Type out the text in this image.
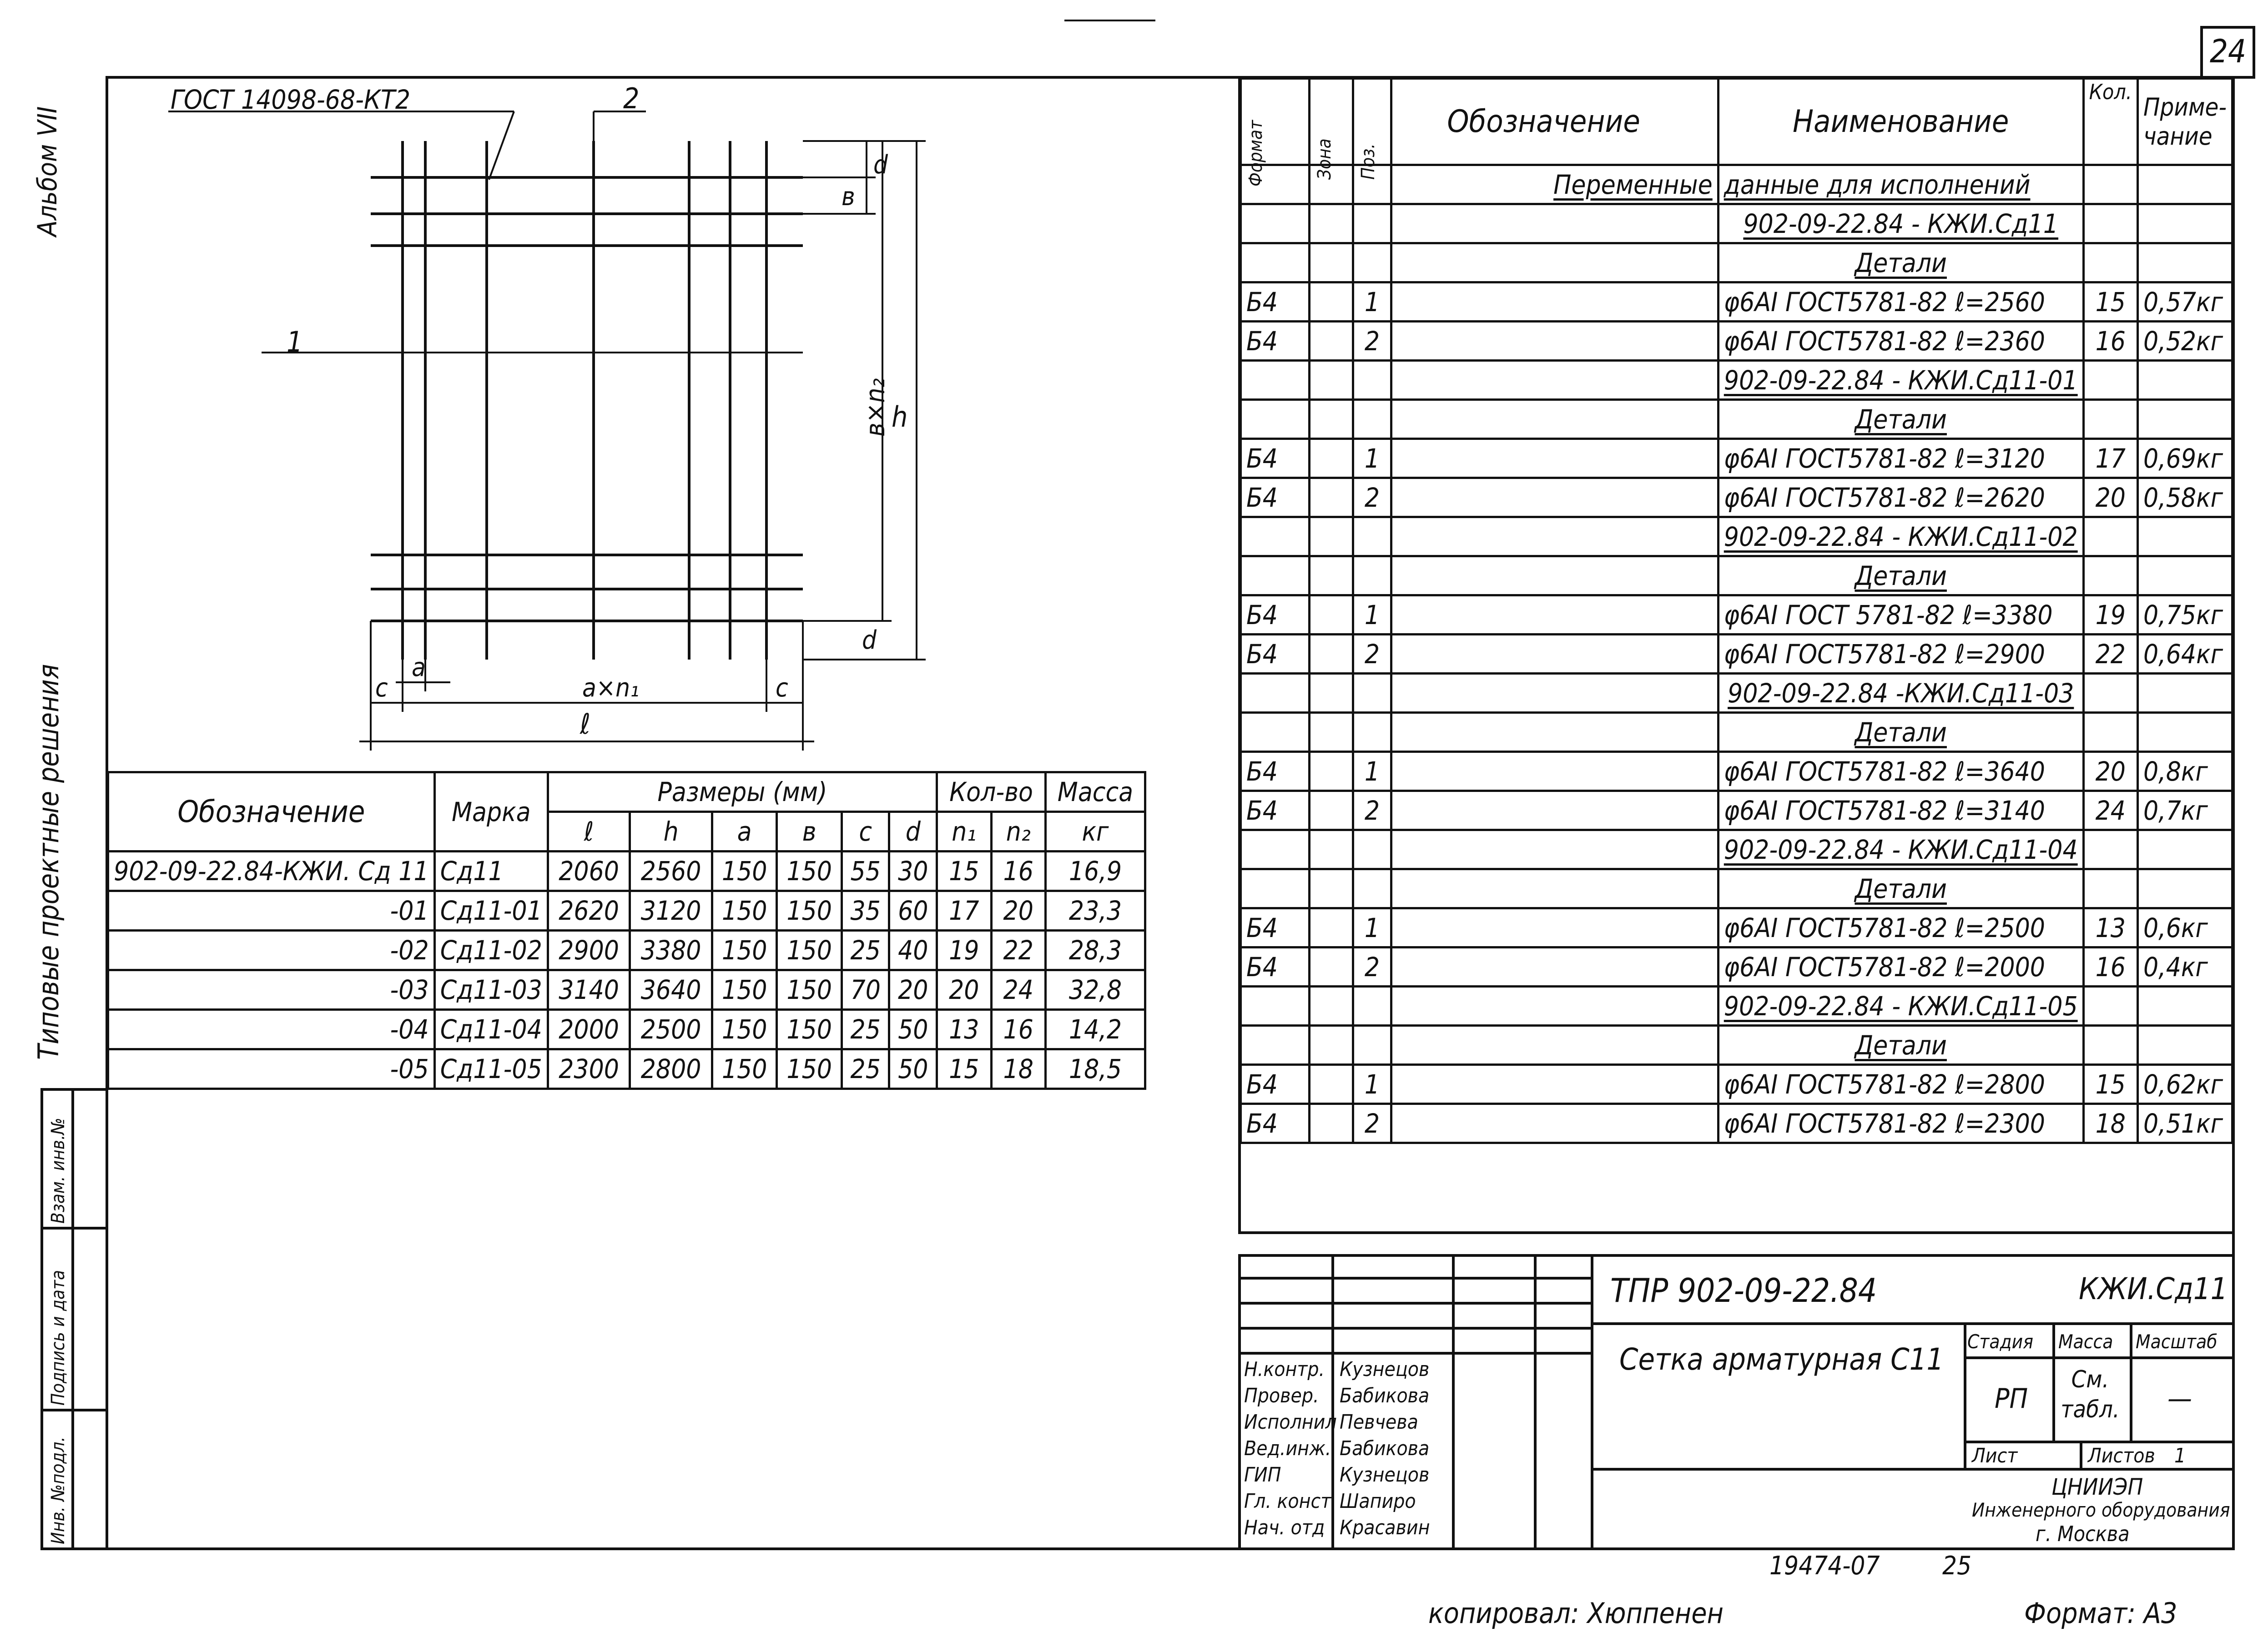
24
Альбом VII
Типовые проектные решения
Инв. №подл.
Подпись и дата
Взам. инв.№
ГОСТ 14098-68-КТ2	2
1
d
в
в×n₂ h
d
c
a
a×n₁	c
ℓ
Обозначение	Марка	Размеры (мм)						Кол-во		Масса
		ℓ	h	a	в	c	d	n₁	n₂	кг
902-09-22.84-КЖИ. Сд 11	Сд11	2060	2560	150	150	55	30	15	16	16,9
-01	Сд11-01	2620	3120	150	150	35	60	17	20	23,3
-02	Сд11-02	2900	3380	150	150	25	40	19	22	28,3
-03	Сд11-03	3140	3640	150	150	70	20	20	24	32,8
-04	Сд11-04	2000	2500	150	150	25	50	13	16	14,2
-05	Сд11-05	2300	2800	150	150	25	50	15	18	18,5
Формат	Зона	Поз.	Обозначение	Наименование	Кол.	Приме-чание
			Переменные	данные для исполнений		
				902-09-22.84 - КЖИ.Сд11		
				Детали		
Б4		1		φ6AI ГОСТ5781-82 ℓ=2560	15	0,57кг
Б4		2		φ6AI ГОСТ5781-82 ℓ=2360	16	0,52кг
				902-09-22.84 - КЖИ.Сд11-01		
				Детали		
Б4		1		φ6AI ГОСТ5781-82 ℓ=3120	17	0,69кг
Б4		2		φ6AI ГОСТ5781-82 ℓ=2620	20	0,58кг
				902-09-22.84 - КЖИ.Сд11-02		
				Детали		
Б4		1		φ6AI ГОСТ 5781-82 ℓ=3380	19	0,75кг
Б4		2		φ6AI ГОСТ5781-82 ℓ=2900	22	0,64кг
				902-09-22.84 -КЖИ.Сд11-03		
				Детали		
Б4		1		φ6AI ГОСТ5781-82 ℓ=3640	20	0,8кг
Б4		2		φ6AI ГОСТ5781-82 ℓ=3140	24	0,7кг
				902-09-22.84 - КЖИ.Сд11-04		
				Детали		
Б4		1		φ6AI ГОСТ5781-82 ℓ=2500	13	0,6кг
Б4		2		φ6AI ГОСТ5781-82 ℓ=2000	16	0,4кг
				902-09-22.84 - КЖИ.Сд11-05		
				Детали		
Б4		1		φ6AI ГОСТ5781-82 ℓ=2800	15	0,62кг
Б4		2		φ6AI ГОСТ5781-82 ℓ=2300	18	0,51кг
Н.контр. Кузнецов
Провер. Бабикова
Исполнил Певчева
Вед.инж. Бабикова
ГИП	Кузнецов
Гл. конст Шапиро
Нач. отд Красавин
ТПР 902-09-22.84	КЖИ.Сд11
Сетка арматурная С11
Стадия Масса Масштаб
РП
См. табл. —
Лист	Листов 1
ЦНИИЭП
Инженерного оборудования
г. Москва
19474-07 25
копировал: Хюппенен	Формат: А3
